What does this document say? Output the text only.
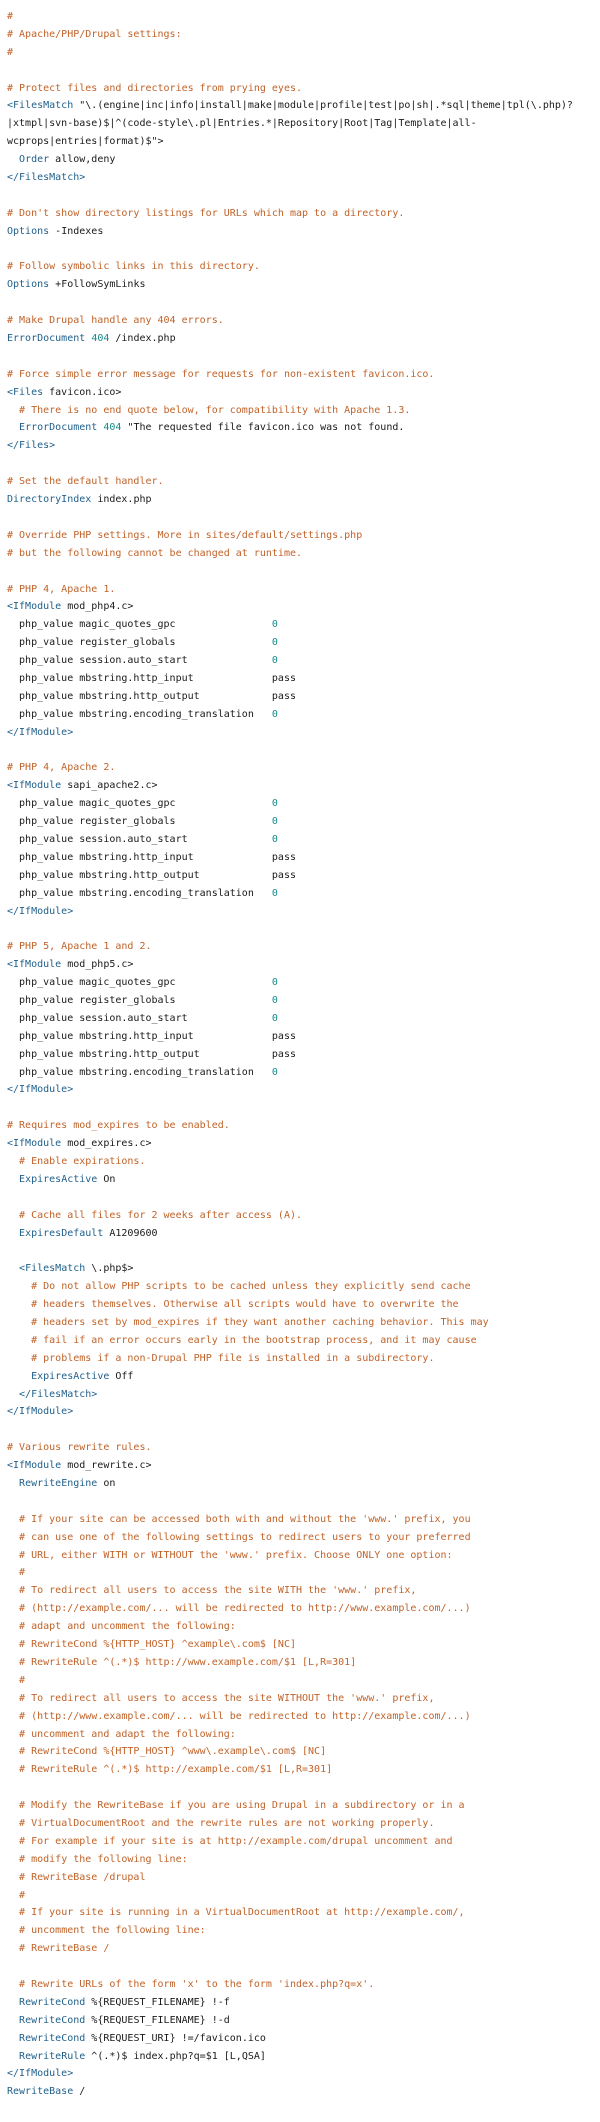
#
# Apache/PHP/Drupal settings:
#

# Protect files and directories from prying eyes.
<FilesMatch "\.(engine|inc|info|install|make|module|profile|test|po|sh|.*sql|theme|tpl(\.php)?
|xtmpl|svn-base)$|^(code-style\.pl|Entries.*|Repository|Root|Tag|Template|all-
wcprops|entries|format)$">
Order allow,deny
</FilesMatch>

# Don't show directory listings for URLs which map to a directory.
Options -Indexes

# Follow symbolic links in this directory.
Options +FollowSymLinks

# Make Drupal handle any 404 errors.
ErrorDocument 404 /index.php

# Force simple error message for requests for non-existent favicon.ico.
<Files favicon.ico>
# There is no end quote below, for compatibility with Apache 1.3.
ErrorDocument 404 "The requested file favicon.ico was not found.
</Files>

# Set the default handler.
DirectoryIndex index.php

# Override PHP settings. More in sites/default/settings.php
# but the following cannot be changed at runtime.

# PHP 4, Apache 1.
<IfModule mod_php4.c>
php_value magic_quotes_gpc                0
php_value register_globals                0
php_value session.auto_start              0
php_value mbstring.http_input             pass
php_value mbstring.http_output            pass
php_value mbstring.encoding_translation   0
</IfModule>

# PHP 4, Apache 2.
<IfModule sapi_apache2.c>
php_value magic_quotes_gpc                0
php_value register_globals                0
php_value session.auto_start              0
php_value mbstring.http_input             pass
php_value mbstring.http_output            pass
php_value mbstring.encoding_translation   0
</IfModule>

# PHP 5, Apache 1 and 2.
<IfModule mod_php5.c>
php_value magic_quotes_gpc                0
php_value register_globals                0
php_value session.auto_start              0
php_value mbstring.http_input             pass
php_value mbstring.http_output            pass
php_value mbstring.encoding_translation   0
</IfModule>

# Requires mod_expires to be enabled.
<IfModule mod_expires.c>
# Enable expirations.
ExpiresActive On

# Cache all files for 2 weeks after access (A).
ExpiresDefault A1209600

<FilesMatch \.php$>
# Do not allow PHP scripts to be cached unless they explicitly send cache
# headers themselves. Otherwise all scripts would have to overwrite the
# headers set by mod_expires if they want another caching behavior. This may
# fail if an error occurs early in the bootstrap process, and it may cause
# problems if a non-Drupal PHP file is installed in a subdirectory.
ExpiresActive Off
</FilesMatch>
</IfModule>

# Various rewrite rules.
<IfModule mod_rewrite.c>
RewriteEngine on

# If your site can be accessed both with and without the 'www.' prefix, you
# can use one of the following settings to redirect users to your preferred
# URL, either WITH or WITHOUT the 'www.' prefix. Choose ONLY one option:
#
# To redirect all users to access the site WITH the 'www.' prefix,
# (http://example.com/... will be redirected to http://www.example.com/...)
# adapt and uncomment the following:
# RewriteCond %{HTTP_HOST} ^example\.com$ [NC]
# RewriteRule ^(.*)$ http://www.example.com/$1 [L,R=301]
#
# To redirect all users to access the site WITHOUT the 'www.' prefix,
# (http://www.example.com/... will be redirected to http://example.com/...)
# uncomment and adapt the following:
# RewriteCond %{HTTP_HOST} ^www\.example\.com$ [NC]
# RewriteRule ^(.*)$ http://example.com/$1 [L,R=301]

# Modify the RewriteBase if you are using Drupal in a subdirectory or in a
# VirtualDocumentRoot and the rewrite rules are not working properly.
# For example if your site is at http://example.com/drupal uncomment and
# modify the following line:
# RewriteBase /drupal
#
# If your site is running in a VirtualDocumentRoot at http://example.com/,
# uncomment the following line:
# RewriteBase /

# Rewrite URLs of the form 'x' to the form 'index.php?q=x'.
RewriteCond %{REQUEST_FILENAME} !-f
RewriteCond %{REQUEST_FILENAME} !-d
RewriteCond %{REQUEST_URI} !=/favicon.ico
RewriteRule ^(.*)$ index.php?q=$1 [L,QSA]
</IfModule>
RewriteBase /
